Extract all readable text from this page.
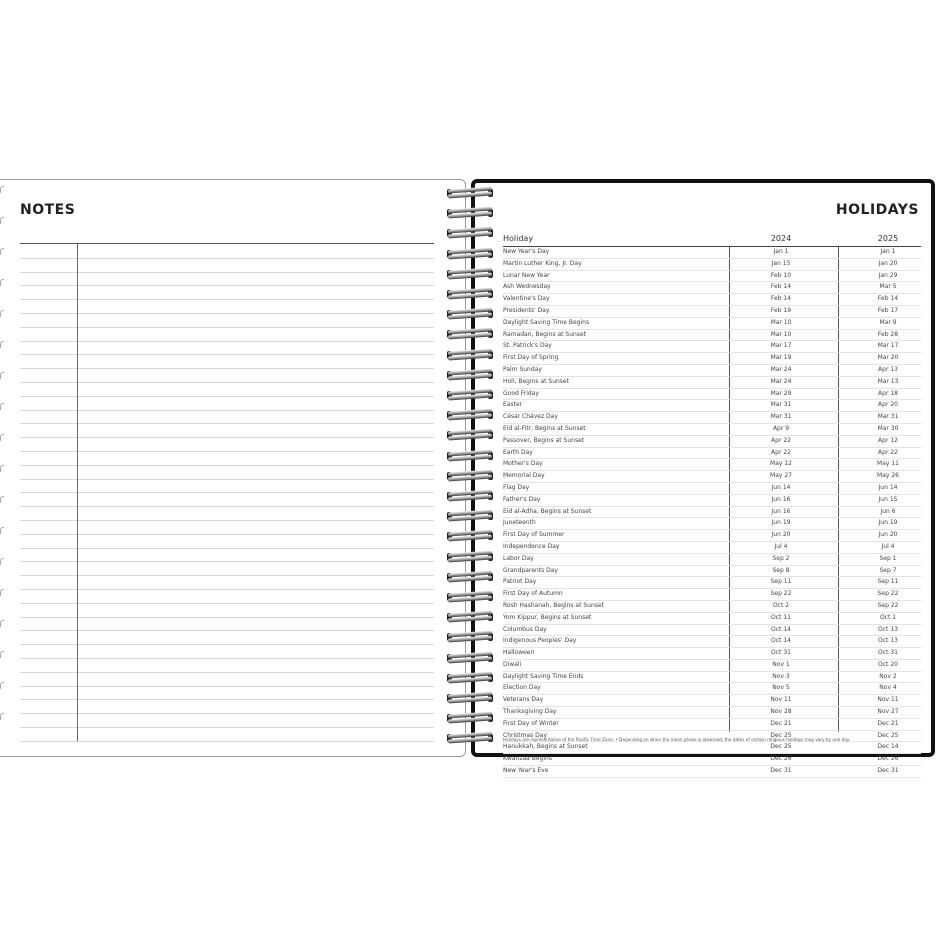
NOTES	HOLIDAYS
Holiday	2024	2025
New Year's Day	Jan 1	Jan 1
Martin Luther King, Jr. Day	Jan 15	Jan 20
Lunar New Year	Feb 10	Jan 29
Ash Wednesday	Feb 14	Mar 5
Valentine's Day	Feb 14	Feb 14
Presidents' Day	Feb 19	Feb 17
Daylight Saving Time Begins	Mar 10	Mar 9
Ramadan, Begins at Sunset	Mar 10	Feb 28
St. Patrick's Day	Mar 17	Mar 17
First Day of Spring	Mar 19	Mar 20
Palm Sunday	Mar 24	Apr 13
Holi, Begins at Sunset	Mar 24	Mar 13
Good Friday	Mar 29	Apr 18
Easter	Mar 31	Apr 20
César Chávez Day	Mar 31	Mar 31
Eid al-Fitr, Begins at Sunset	Apr 9	Mar 30
Passover, Begins at Sunset	Apr 22	Apr 12
Earth Day	Apr 22	Apr 22
Mother's Day	May 12	May 11
Memorial Day	May 27	May 26
Flag Day	Jun 14	Jun 14
Father's Day	Jun 16	Jun 15
Eid al-Adha, Begins at Sunset	Jun 16	Jun 6
Juneteenth	Jun 19	Jun 19
First Day of Summer	Jun 20	Jun 20
Independence Day	Jul 4	Jul 4
Labor Day	Sep 2	Sep 1
Grandparents Day	Sep 8	Sep 7
Patriot Day	Sep 11	Sep 11
First Day of Autumn	Sep 22	Sep 22
Rosh Hashanah, Begins at Sunset	Oct 2	Sep 22
Yom Kippur, Begins at Sunset	Oct 11	Oct 1
Columbus Day	Oct 14	Oct 13
Indigenous Peoples' Day	Oct 14	Oct 13
Halloween	Oct 31	Oct 31
Diwali	Nov 1	Oct 20
Daylight Saving Time Ends	Nov 3	Nov 2
Election Day	Nov 5	Nov 4
Veterans Day	Nov 11	Nov 11
Thanksgiving Day	Nov 28	Nov 27
First Day of Winter	Dec 21	Dec 21
Christmas Day	Dec 25	Dec 25
Hanukkah, Begins at Sunset	Dec 25	Dec 14
Kwanzaa Begins	Dec 26	Dec 26
New Year's Eve	Dec 31	Dec 31
Holidays are representative of the Pacific Time Zone. • Depending on when the moon phase is observed, the dates of certain religious holidays may vary by one day.
